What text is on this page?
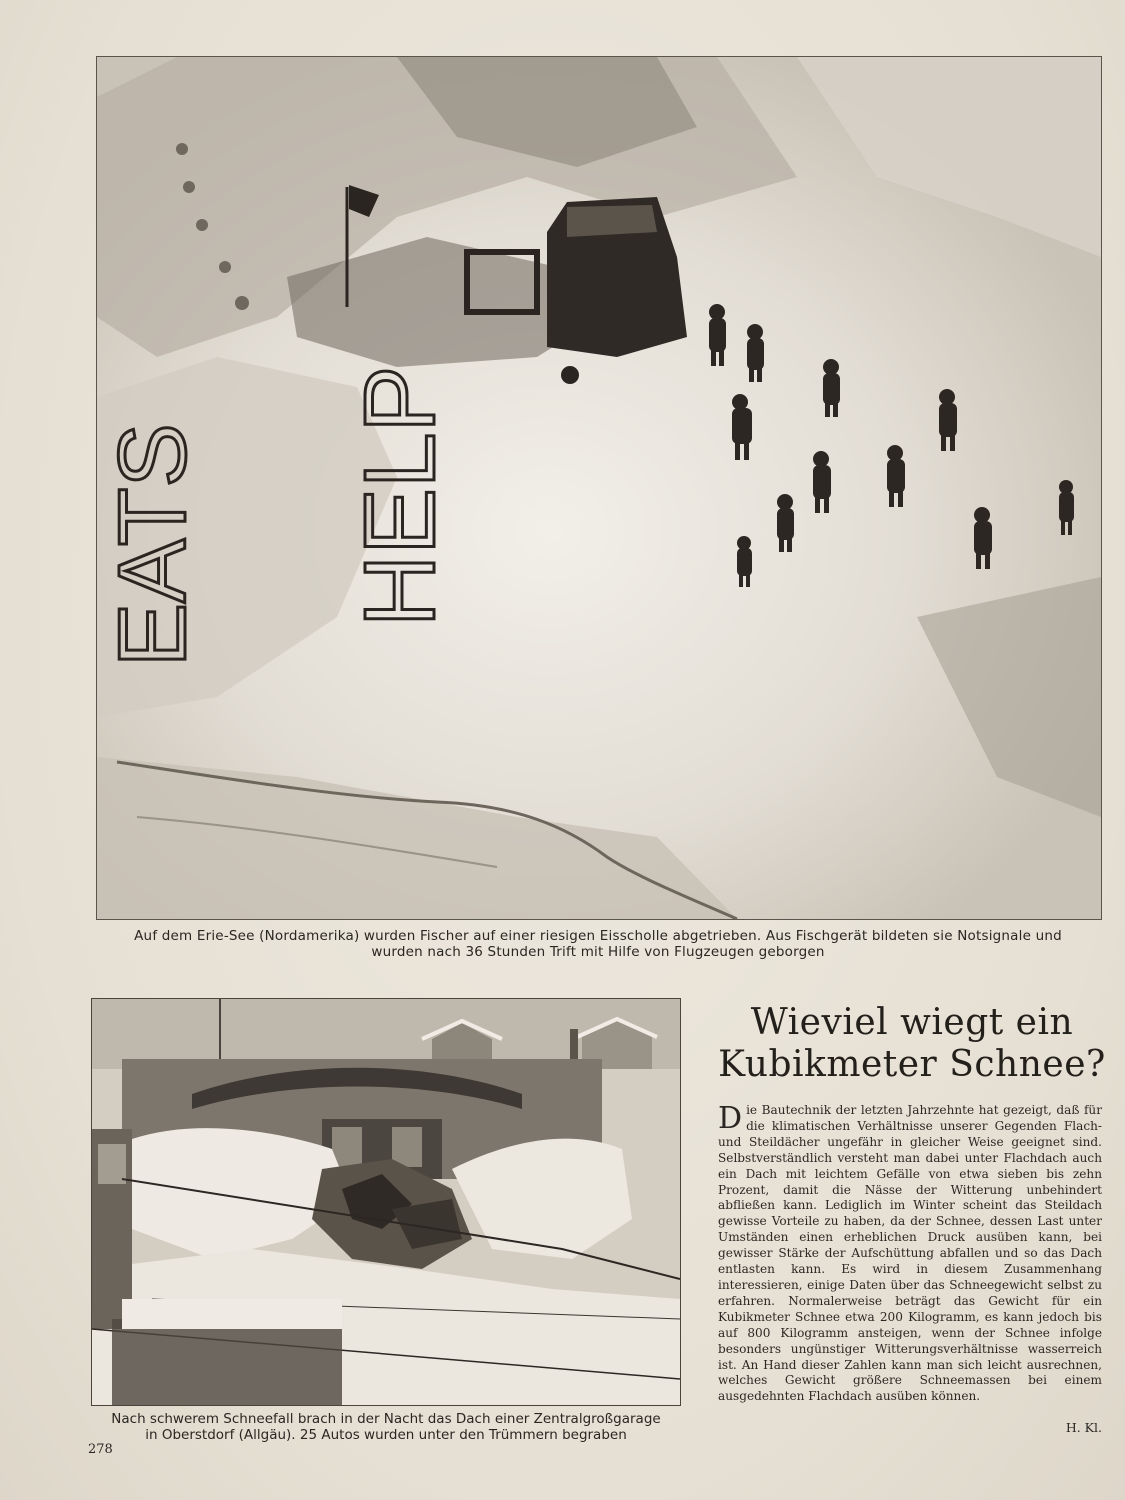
EATS HELP
Auf dem Erie-See (Nordamerika) wurden Fischer auf einer riesigen Eisscholle abgetrieben. Aus Fischgerät bildeten sie Notsignale und
wurden nach 36 Stunden Trift mit Hilfe von Flugzeugen geborgen
Nach schwerem Schneefall brach in der Nacht das Dach einer Zentralgroßgarage
in Oberstdorf (Allgäu). 25 Autos wurden unter den Trümmern begraben
278
Wieviel wiegt ein
Kubikmeter Schnee?
D ie Bautechnik der letzten Jahrzehnte hat gezeigt, daß für die klimatischen Verhältnisse unserer Gegenden Flach- und Steildächer ungefähr in gleicher Weise geeignet sind. Selbstverständlich versteht man dabei unter Flachdach auch ein Dach mit leichtem Gefälle von etwa sieben bis zehn Prozent, damit die Nässe der Witterung unbehindert abfließen kann. Lediglich im Winter scheint das Steildach gewisse Vorteile zu haben, da der Schnee, dessen Last unter Umständen einen erheblichen Druck ausüben kann, bei gewisser Stärke der Aufschüttung abfallen und so das Dach entlasten kann. Es wird in diesem Zusammenhang interessieren, einige Daten über das Schneegewicht selbst zu erfahren. Normalerweise beträgt das Gewicht für ein Kubikmeter Schnee etwa 200 Kilogramm, es kann jedoch bis auf 800 Kilogramm ansteigen, wenn der Schnee infolge besonders ungünstiger Witterungsverhältnisse wasserreich ist. An Hand dieser Zahlen kann man sich leicht ausrechnen, welches Gewicht größere Schneemassen bei einem ausgedehnten Flachdach ausüben können.
H. Kl.
